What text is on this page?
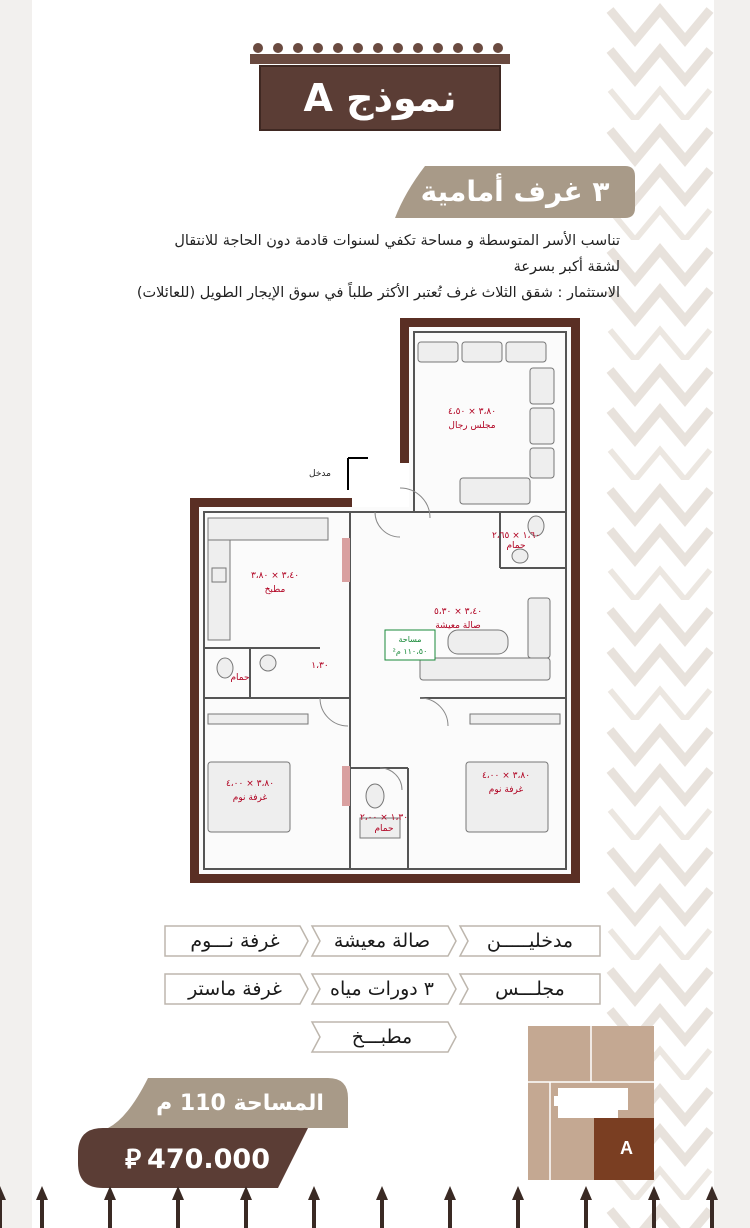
نموذج A
٣ غرف أمامية

تناسب الأسر المتوسطة و مساحة تكفي لسنوات قادمة دون الحاجة للانتقال

لشقة أكبر بسرعة

الاستثمار : شقق الثلاث غرف تُعتبر الأكثر طلباً في سوق الإيجار الطويل (للعائلات)

مدخل
٣،٨٠ × ٤،٥٠
مجلس رجال
١،٦٠ × ٢،٦٥
حمام
٣،٤٠ × ٣،٨٠
مطبخ
٣،٤٠ × ٥،٣٠
صالة معيشة
١،٣٠
حمام
٣،٨٠ × ٤،٠٠
غرفة نوم
٣،٨٠ × ٤،٠٠
غرفة نوم
١،٣٠ × ٢،٠٠
حمام
مساحة
١١٠،٥٠ م²
مدخليـــــن
صالة معيشة
غرفة نـــوم
مجلـــس
٣ دورات مياه
غرفة ماستر
مطبـــخ
المساحة 110 م
⃁ 470.000	A
